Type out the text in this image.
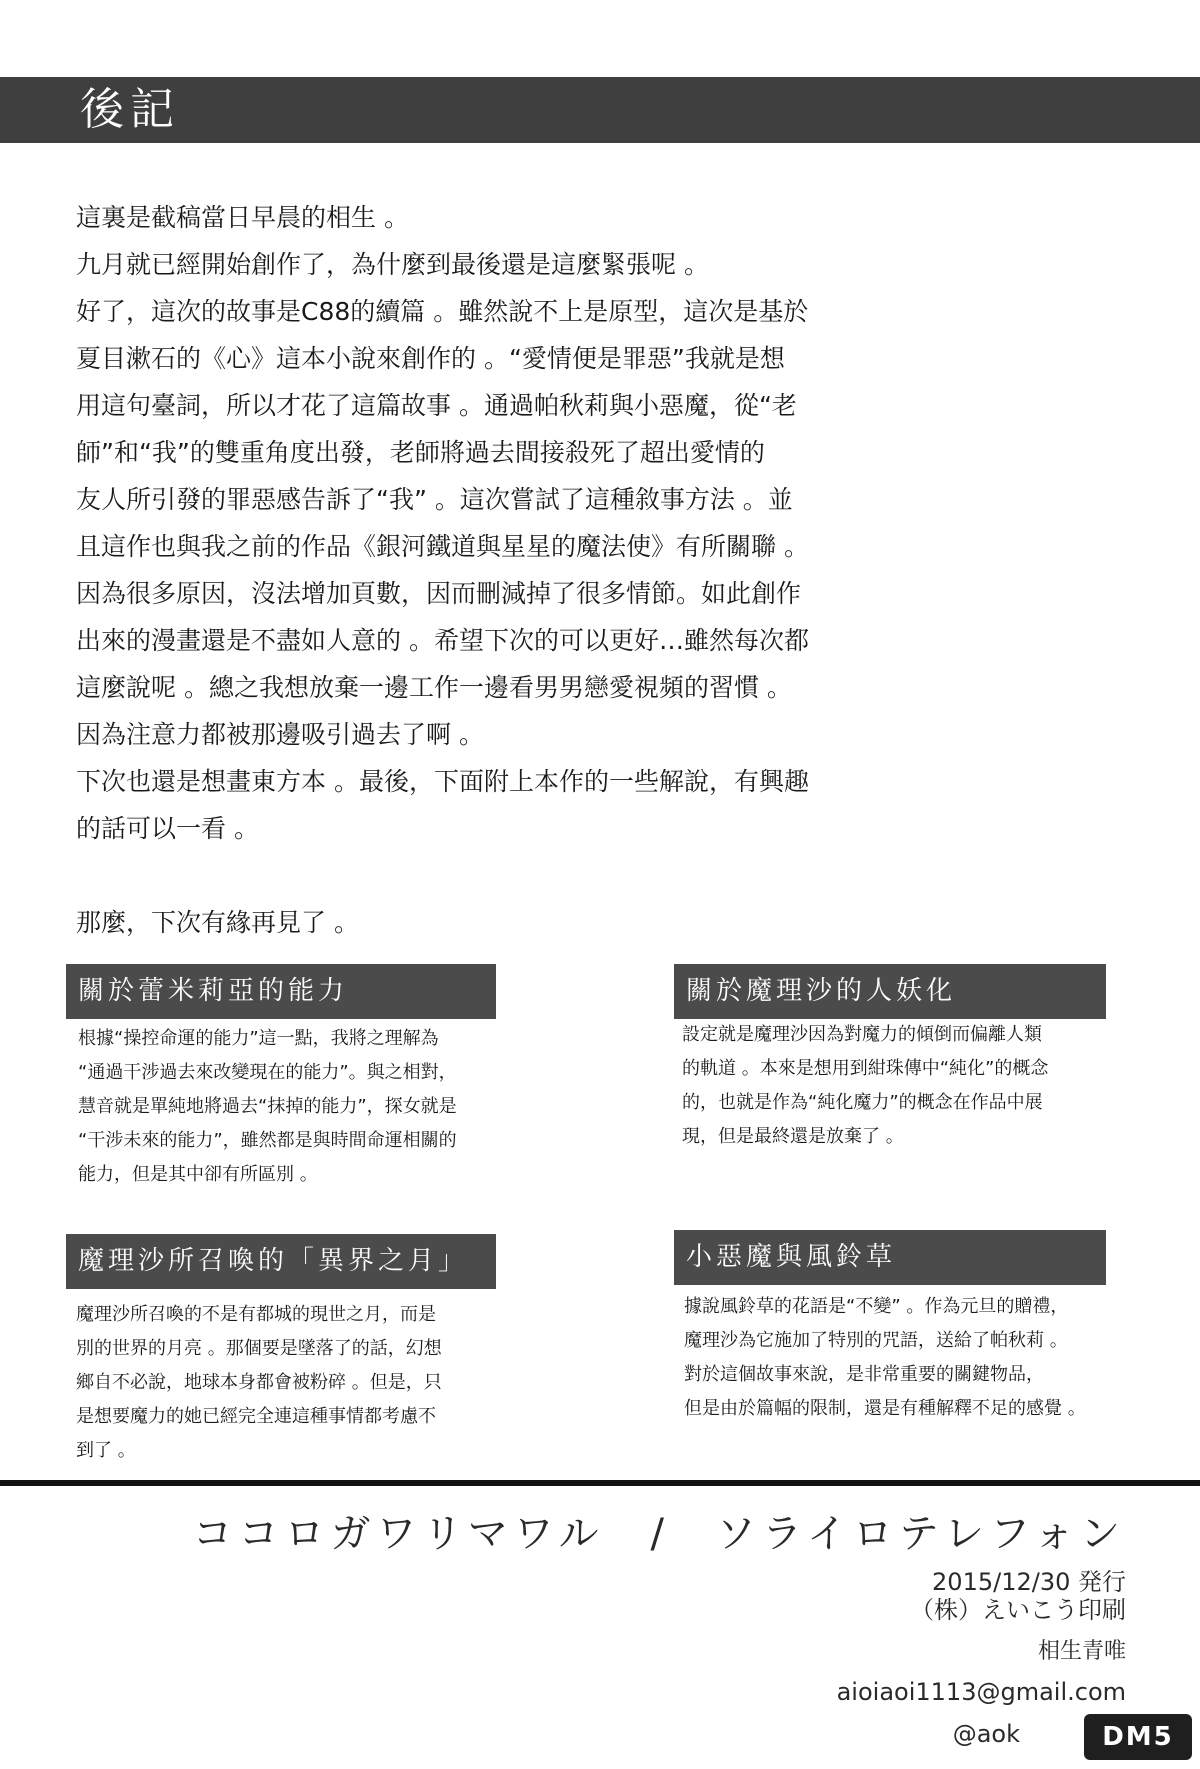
後記

這裏是截稿當日早晨的相生 。

九月就已經開始創作了，為什麼到最後還是這麼緊張呢 。

好了，這次的故事是C88的續篇 。雖然說不上是原型，這次是基於

夏目漱石的《心》這本小說來創作的 。“愛情便是罪惡”我就是想

用這句臺詞，所以才花了這篇故事 。通過帕秋莉與小惡魔，從“老

師”和“我”的雙重角度出發，老師將過去間接殺死了超出愛情的

友人所引發的罪惡感告訴了“我” 。這次嘗試了這種敘事方法 。並

且這作也與我之前的作品《銀河鐵道與星星的魔法使》有所關聯 。

因為很多原因，沒法增加頁數，因而刪減掉了很多情節。如此創作

出來的漫畫還是不盡如人意的 。希望下次的可以更好…雖然每次都

這麼說呢 。總之我想放棄一邊工作一邊看男男戀愛視頻的習慣 。

因為注意力都被那邊吸引過去了啊 。

下次也還是想畫東方本 。最後，下面附上本作的一些解說，有興趣

的話可以一看 。

那麼，下次有緣再見了 。

關於蕾米莉亞的能力

根據“操控命運的能力”這一點，我將之理解為

“通過干涉過去來改變現在的能力”。與之相對，

慧音就是單純地將過去“抹掉的能力”，探女就是

“干涉未來的能力”，雖然都是與時間命運相關的

能力，但是其中卻有所區別 。

關於魔理沙的人妖化

設定就是魔理沙因為對魔力的傾倒而偏離人類

的軌道 。本來是想用到紺珠傳中“純化”的概念

的，也就是作為“純化魔力”的概念在作品中展

現，但是最終還是放棄了 。

魔理沙所召喚的「異界之月」

魔理沙所召喚的不是有都城的現世之月，而是

別的世界的月亮 。那個要是墜落了的話，幻想

鄉自不必說，地球本身都會被粉碎 。但是，只

是想要魔力的她已經完全連這種事情都考慮不

到了 。

小惡魔與風鈴草

據說風鈴草的花語是“不變” 。作為元旦的贈禮，

魔理沙為它施加了特別的咒語，送給了帕秋莉 。

對於這個故事來說，是非常重要的關鍵物品，

但是由於篇幅的限制，還是有種解釋不足的感覺 。

ココロガワリマワル　/　ソライロテレフォン
2015/12/30 発行
（株）えいこう印刷
相生青唯
aioiaoi1113@gmail.com
@aok	DM5
